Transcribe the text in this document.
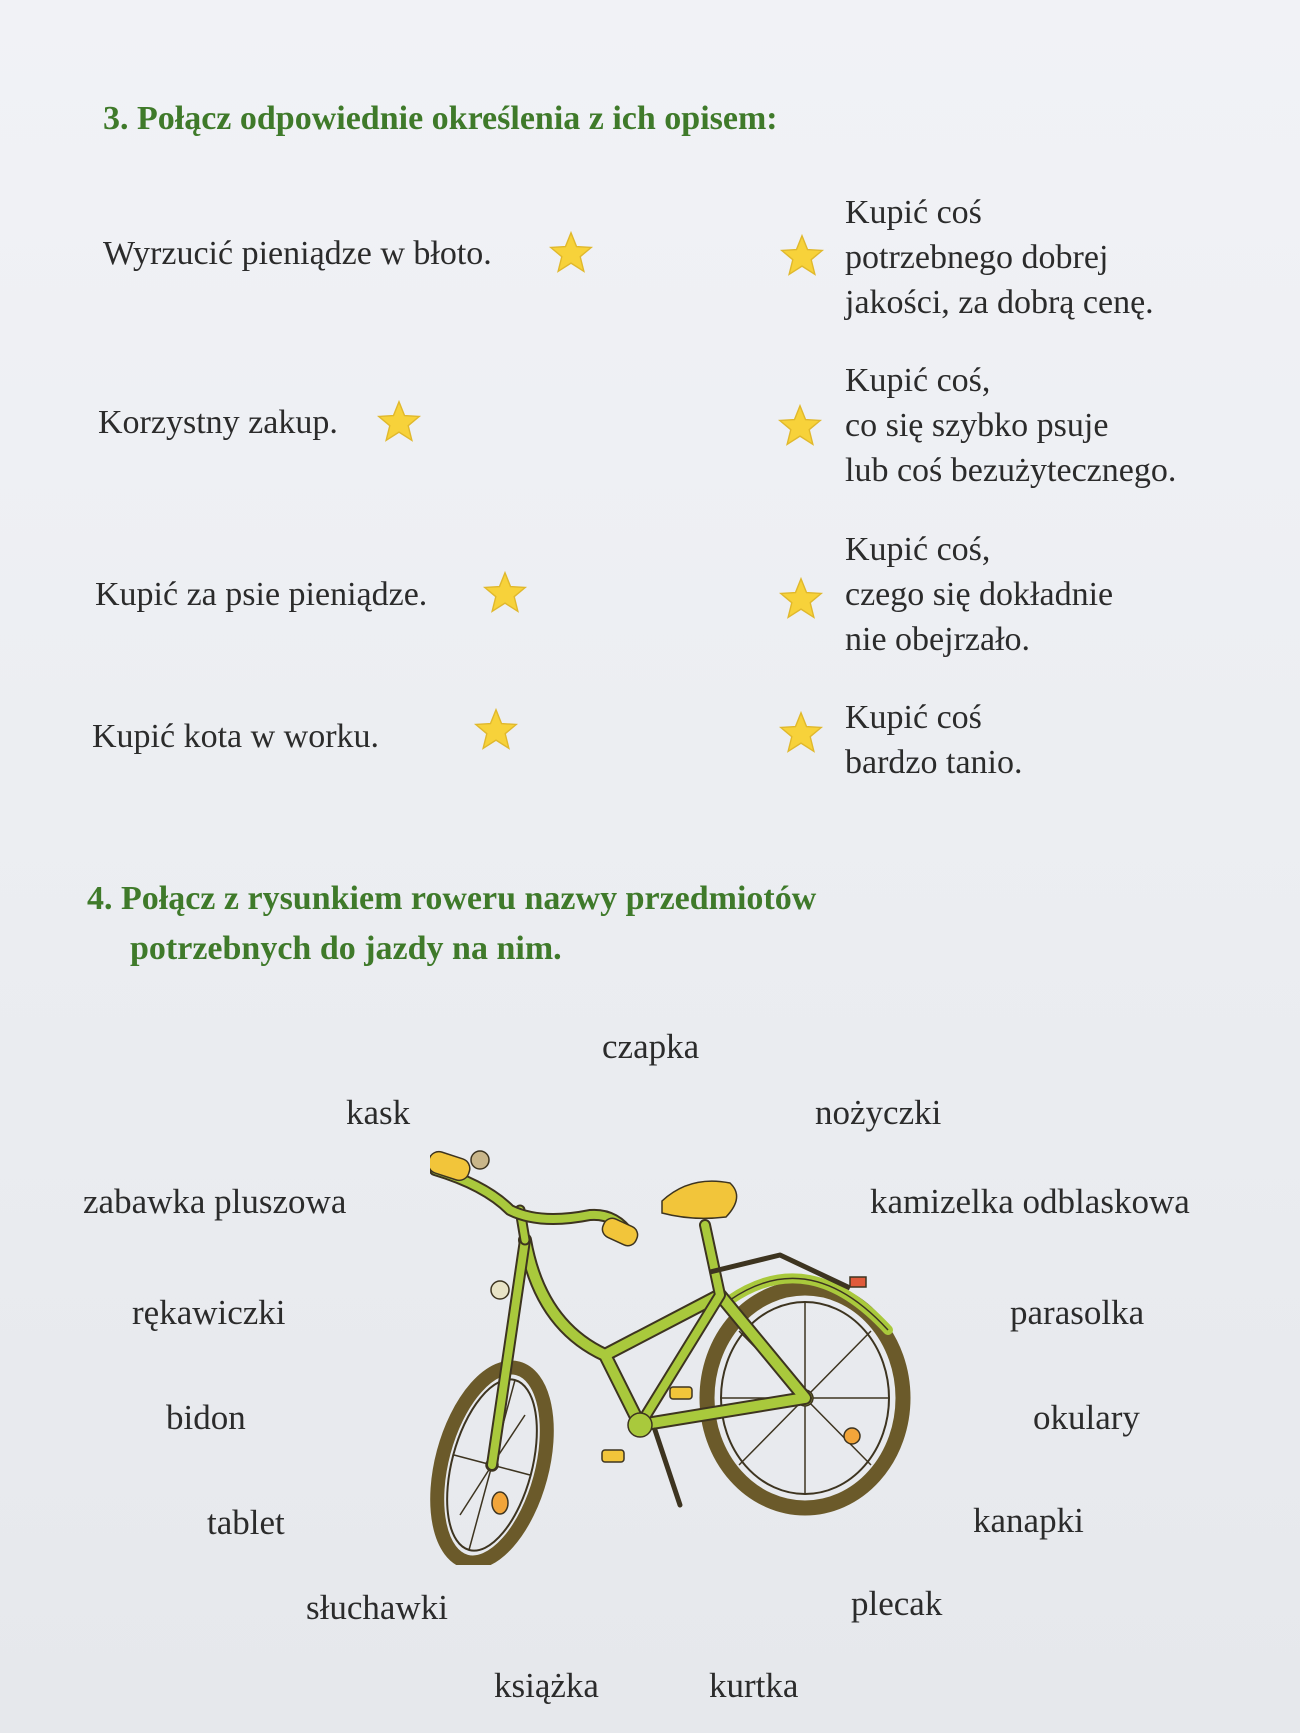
3. Połącz odpowiednie określenia z ich opisem:
Wyrzucić pieniądze w błoto.
Korzystny zakup.
Kupić za psie pieniądze.
Kupić kota w worku.
Kupić coś
potrzebnego dobrej
jakości, za dobrą cenę.
Kupić coś,
co się szybko psuje
lub coś bezużytecznego.
Kupić coś,
czego się dokładnie
nie obejrzało.
Kupić coś
bardzo tanio.
4. Połącz z rysunkiem roweru nazwy przedmiotów
potrzebnych do jazdy na nim.
czapka
kask	nożyczki
zabawka pluszowa	kamizelka odblaskowa
rękawiczki	parasolka
bidon	okulary
tablet	kanapki
słuchawki	plecak
książka	kurtka
